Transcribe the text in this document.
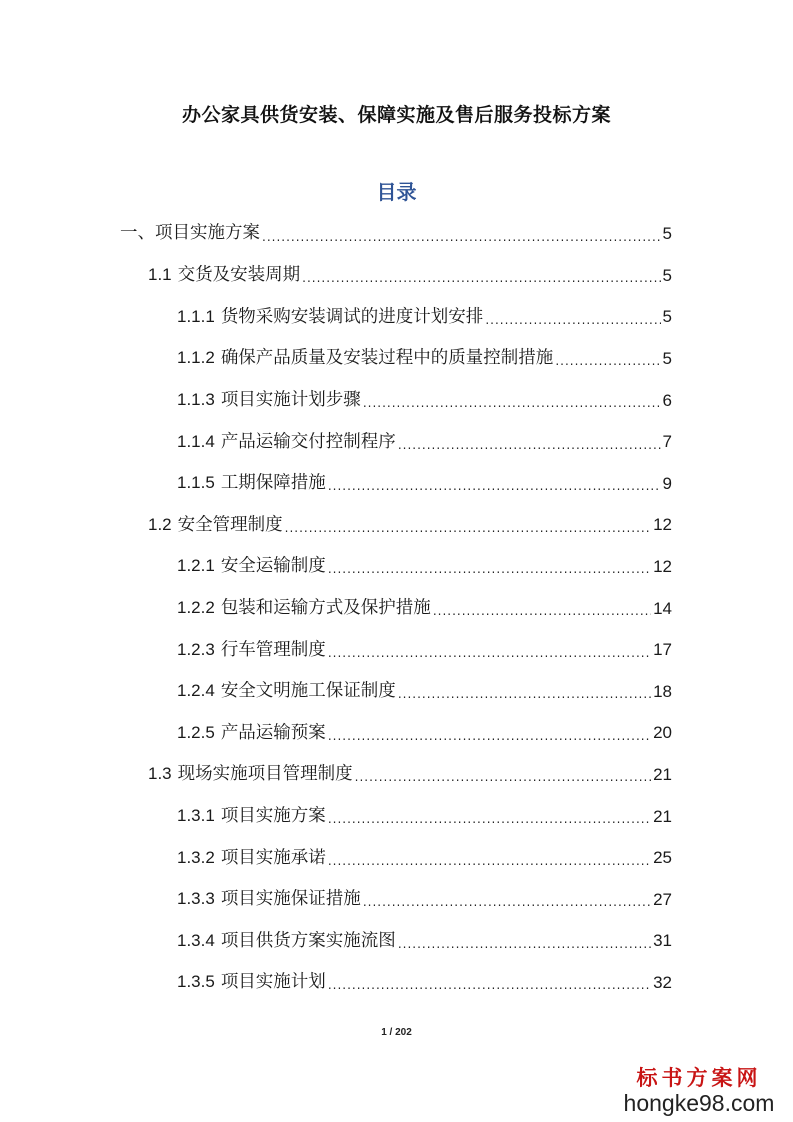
办公家具供货安装、保障实施及售后服务投标方案
目录
一、项目实施方案 .....	5
1.1 交货及安装周期 .....	5
1.1.1 货物采购安装调试的进度计划安排 .....	5
1.1.2 确保产品质量及安装过程中的质量控制措施 .....	5
1.1.3 项目实施计划步骤 .....	6
1.1.4 产品运输交付控制程序 .....	7
1.1.5 工期保障措施 .....	9
1.2 安全管理制度 .....	12
1.2.1 安全运输制度 .....	12
1.2.2 包装和运输方式及保护措施 .....	14
1.2.3 行车管理制度 .....	17
1.2.4 安全文明施工保证制度 .....	18
1.2.5 产品运输预案 .....	20
1.3 现场实施项目管理制度 .....	21
1.3.1 项目实施方案 .....	21
1.3.2 项目实施承诺 .....	25
1.3.3 项目实施保证措施 .....	27
1.3.4 项目供货方案实施流图 .....	31
1.3.5 项目实施计划 .....	32
1 / 202
标书方案网
hongke98.com
